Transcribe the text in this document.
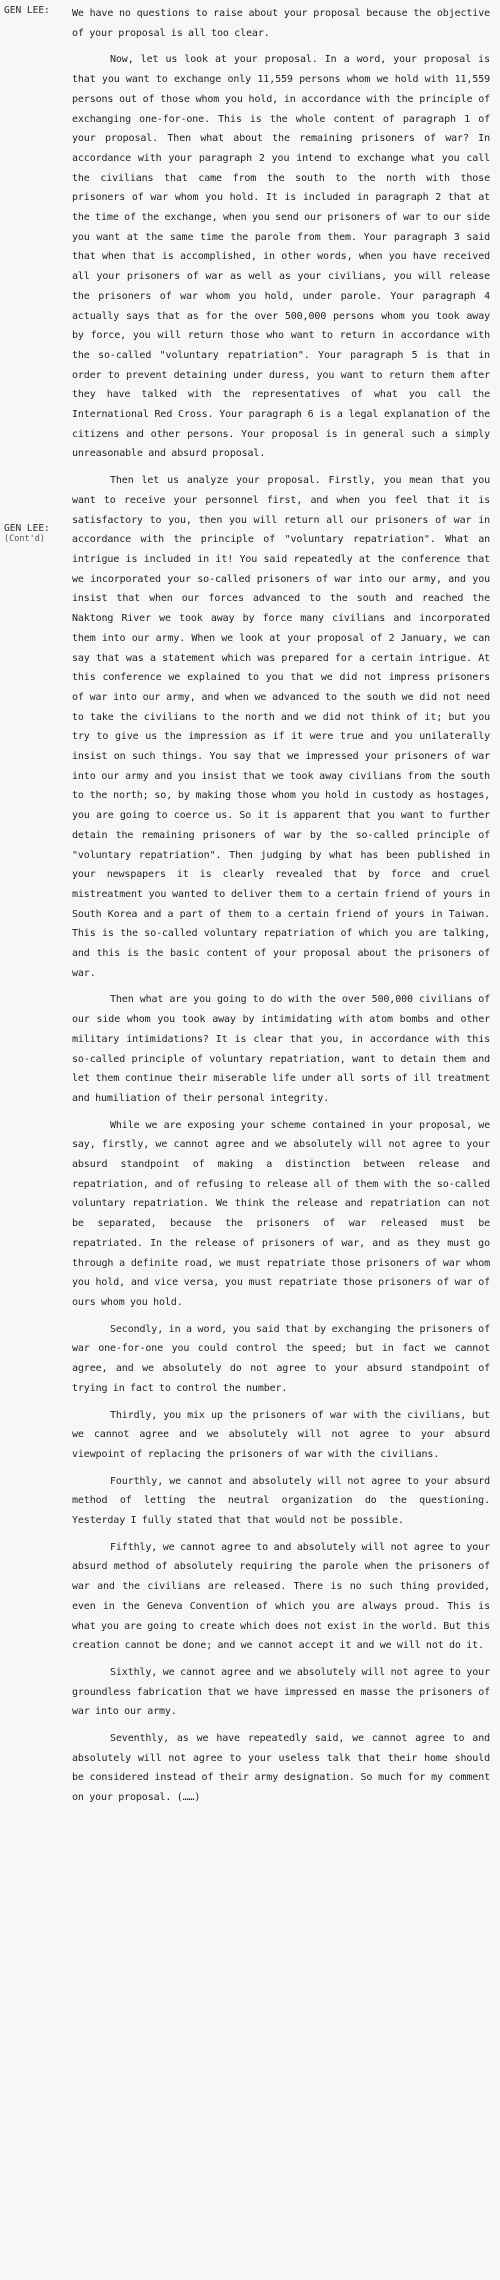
GEN LEE:
GEN LEE:
(Cont'd)

We have no questions to raise about your proposal because the objective of your proposal is all too clear.

Now, let us look at your proposal. In a word, your proposal is that you want to exchange only 11,559 persons whom we hold with 11,559 persons out of those whom you hold, in accordance with the principle of exchanging one-for-one. This is the whole content of paragraph 1 of your proposal. Then what about the remaining prisoners of war? In accordance with your paragraph 2 you intend to exchange what you call the civilians that came from the south to the north with those prisoners of war whom you hold. It is included in paragraph 2 that at the time of the exchange, when you send our prisoners of war to our side you want at the same time the parole from them. Your paragraph 3 said that when that is accomplished, in other words, when you have received all your prisoners of war as well as your civilians, you will release the prisoners of war whom you hold, under parole. Your paragraph 4 actually says that as for the over 500,000 persons whom you took away by force, you will return those who want to return in accordance with the so-called "voluntary repatriation". Your paragraph 5 is that in order to prevent detaining under duress, you want to return them after they have talked with the representatives of what you call the International Red Cross. Your paragraph 6 is a legal explanation of the citizens and other persons. Your proposal is in general such a simply unreasonable and absurd proposal.

Then let us analyze your proposal. Firstly, you mean that you want to receive your personnel first, and when you feel that it is satisfactory to you, then you will return all our prisoners of war in accordance with the principle of "voluntary repatriation". What an intrigue is included in it! You said repeatedly at the conference that we incorporated your so-called prisoners of war into our army, and you insist that when our forces advanced to the south and reached the Naktong River we took away by force many civilians and incorporated them into our army. When we look at your proposal of 2 January, we can say that was a statement which was prepared for a certain intrigue. At this conference we explained to you that we did not impress prisoners of war into our army, and when we advanced to the south we did not need to take the civilians to the north and we did not think of it; but you try to give us the impression as if it were true and you unilaterally insist on such things. You say that we impressed your prisoners of war into our army and you insist that we took away civilians from the south to the north; so, by making those whom you hold in custody as hostages, you are going to coerce us. So it is apparent that you want to further detain the remaining prisoners of war by the so-called principle of "voluntary repatriation". Then judging by what has been published in your newspapers it is clearly revealed that by force and cruel mistreatment you wanted to deliver them to a certain friend of yours in South Korea and a part of them to a certain friend of yours in Taiwan. This is the so-called voluntary repatriation of which you are talking, and this is the basic content of your proposal about the prisoners of war.

Then what are you going to do with the over 500,000 civilians of our side whom you took away by intimidating with atom bombs and other military intimidations? It is clear that you, in accordance with this so-called principle of voluntary repatriation, want to detain them and let them continue their miserable life under all sorts of ill treatment and humiliation of their personal integrity.

While we are exposing your scheme contained in your proposal, we say, firstly, we cannot agree and we absolutely will not agree to your absurd standpoint of making a distinction between release and repatriation, and of refusing to release all of them with the so-called voluntary repatriation. We think the release and repatriation can not be separated, because the prisoners of war released must be repatriated. In the release of prisoners of war, and as they must go through a definite road, we must repatriate those prisoners of war whom you hold, and vice versa, you must repatriate those prisoners of war of ours whom you hold.

Secondly, in a word, you said that by exchanging the prisoners of war one-for-one you could control the speed; but in fact we cannot agree, and we absolutely do not agree to your absurd standpoint of trying in fact to control the number.

Thirdly, you mix up the prisoners of war with the civilians, but we cannot agree and we absolutely will not agree to your absurd viewpoint of replacing the prisoners of war with the civilians.

Fourthly, we cannot and absolutely will not agree to your absurd method of letting the neutral organization do the questioning. Yesterday I fully stated that that would not be possible.

Fifthly, we cannot agree to and absolutely will not agree to your absurd method of absolutely requiring the parole when the prisoners of war and the civilians are released. There is no such thing provided, even in the Geneva Convention of which you are always proud. This is what you are going to create which does not exist in the world. But this creation cannot be done; and we cannot accept it and we will not do it.

Sixthly, we cannot agree and we absolutely will not agree to your groundless fabrication that we have impressed en masse the prisoners of war into our army.

Seventhly, as we have repeatedly said, we cannot agree to and absolutely will not agree to your useless talk that their home should be considered instead of their army designation. So much for my comment on your proposal. (……)
